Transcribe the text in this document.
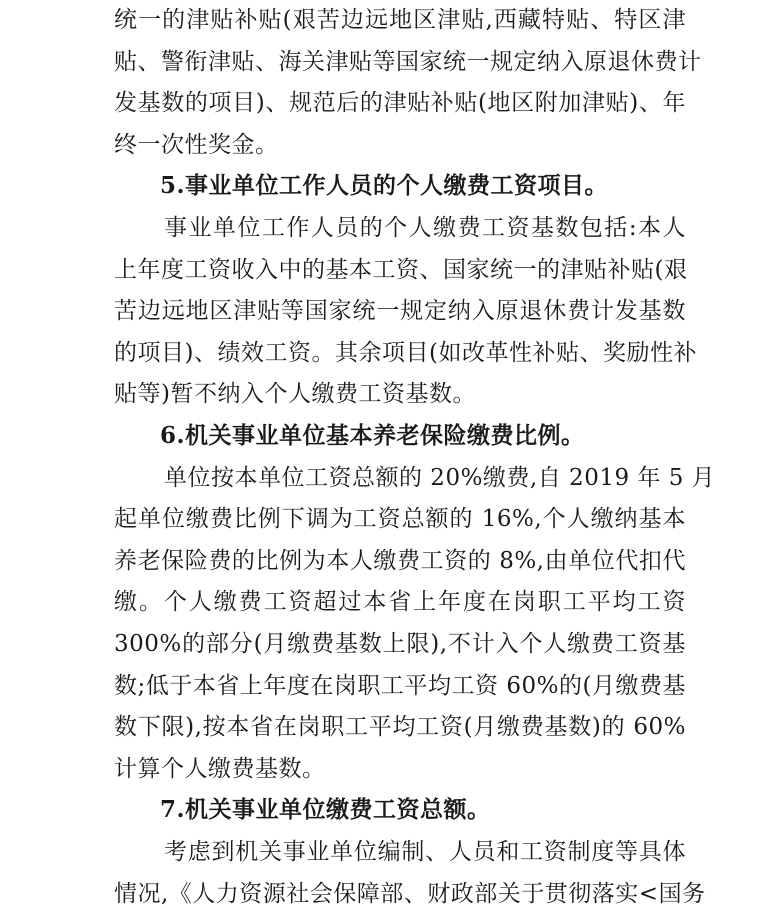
统一的津贴补贴(艰苦边远地区津贴,西藏特贴、特区津
贴、警衔津贴、海关津贴等国家统一规定纳入原退休费计
发基数的项目)、规范后的津贴补贴(地区附加津贴)、年
终一次性奖金。
5.事业单位工作人员的个人缴费工资项目。
事业单位工作人员的个人缴费工资基数包括:本人
上年度工资收入中的基本工资、国家统一的津贴补贴(艰
苦边远地区津贴等国家统一规定纳入原退休费计发基数
的项目)、绩效工资。其余项目(如改革性补贴、奖励性补
贴等)暂不纳入个人缴费工资基数。
6.机关事业单位基本养老保险缴费比例。
单位按本单位工资总额的 20%缴费,自 2019 年 5 月
起单位缴费比例下调为工资总额的 16%,个人缴纳基本
养老保险费的比例为本人缴费工资的 8%,由单位代扣代
缴。个人缴费工资超过本省上年度在岗职工平均工资
300%的部分(月缴费基数上限),不计入个人缴费工资基
数;低于本省上年度在岗职工平均工资 60%的(月缴费基
数下限),按本省在岗职工平均工资(月缴费基数)的 60%
计算个人缴费基数。
7.机关事业单位缴费工资总额。
考虑到机关事业单位编制、人员和工资制度等具体
情况,《人力资源社会保障部、财政部关于贯彻落实<国务
